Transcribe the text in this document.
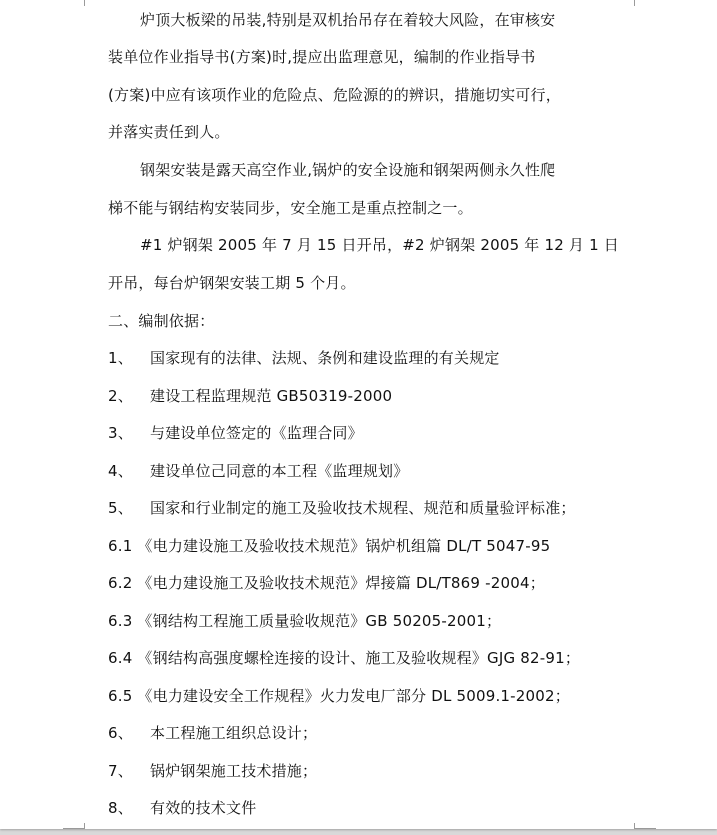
炉顶大板梁的吊装,特别是双机抬吊存在着较大风险，在审核安
装单位作业指导书(方案)时,提应出监理意见，编制的作业指导书
(方案)中应有该项作业的危险点、危险源的的辨识，措施切实可行，
并落实责任到人。
钢架安装是露天高空作业,锅炉的安全设施和钢架两侧永久性爬
梯不能与钢结构安装同步，安全施工是重点控制之一。
#1 炉钢架 2005 年 7 月 15 日开吊，#2 炉钢架 2005 年 12 月 1 日
开吊，每台炉钢架安装工期 5 个月。
二、编制依据：
1、 国家现有的法律、法规、条例和建设监理的有关规定
2、 建设工程监理规范 GB50319-2000
3、 与建设单位签定的《监理合同》
4、 建设单位己同意的本工程《监理规划》
5、 国家和行业制定的施工及验收技术规程、规范和质量验评标准；
6.1 《电力建设施工及验收技术规范》锅炉机组篇 DL/T 5047-95
6.2 《电力建设施工及验收技术规范》焊接篇 DL/T869 -2004；
6.3 《钢结构工程施工质量验收规范》GB 50205-2001；
6.4 《钢结构高强度螺栓连接的设计、施工及验收规程》GJG 82-91；
6.5 《电力建设安全工作规程》火力发电厂部分 DL 5009.1-2002；
6、 本工程施工组织总设计；
7、 锅炉钢架施工技术措施；
8、 有效的技术文件
